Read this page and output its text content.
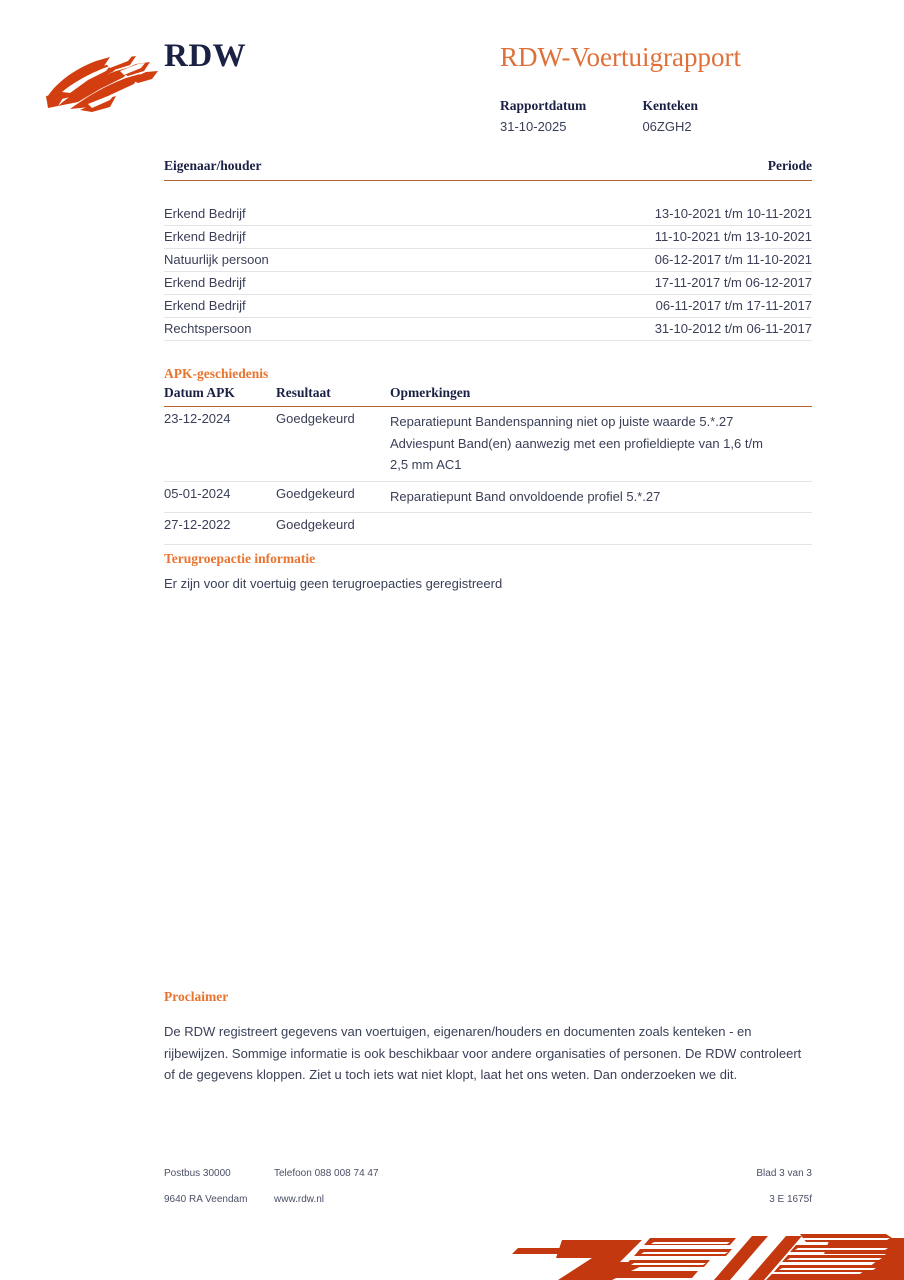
RDW	RDW-Voertuigrapport
Rapportdatum
31-10-2025

Kenteken
06ZGH2
Eigenaar/houder	Periode
Erkend Bedrijf	13-10-2021 t/m 10-11-2021
Erkend Bedrijf	11-10-2021 t/m 13-10-2021
Natuurlijk persoon	06-12-2017 t/m 11-10-2021
Erkend Bedrijf	17-11-2017 t/m 06-12-2017
Erkend Bedrijf	06-11-2017 t/m 17-11-2017
Rechtspersoon	31-10-2012 t/m 06-11-2017
APK-geschiedenis
Datum APK	Resultaat	Opmerkingen
23-12-2024	Goedgekeurd	Reparatiepunt Bandenspanning niet op juiste waarde 5.*.27
Adviespunt Band(en) aanwezig met een profieldiepte van 1,6 t/m
2,5 mm AC1
05-01-2024	Goedgekeurd	Reparatiepunt Band onvoldoende profiel 5.*.27
27-12-2022	Goedgekeurd

Terugroepactie informatie
Er zijn voor dit voertuig geen terugroepacties geregistreerd
Proclaimer
De RDW registreert gegevens van voertuigen, eigenaren/houders en documenten zoals kenteken - en rijbewijzen. Sommige informatie is ook beschikbaar voor andere organisaties of personen. De RDW controleert of de gegevens kloppen. Ziet u toch iets wat niet klopt, laat het ons weten. Dan onderzoeken we dit.
Postbus 30000	Telefoon 088 008 74 47	Blad 3 van 3
9640 RA Veendam	www.rdw.nl	3 E 1675f
